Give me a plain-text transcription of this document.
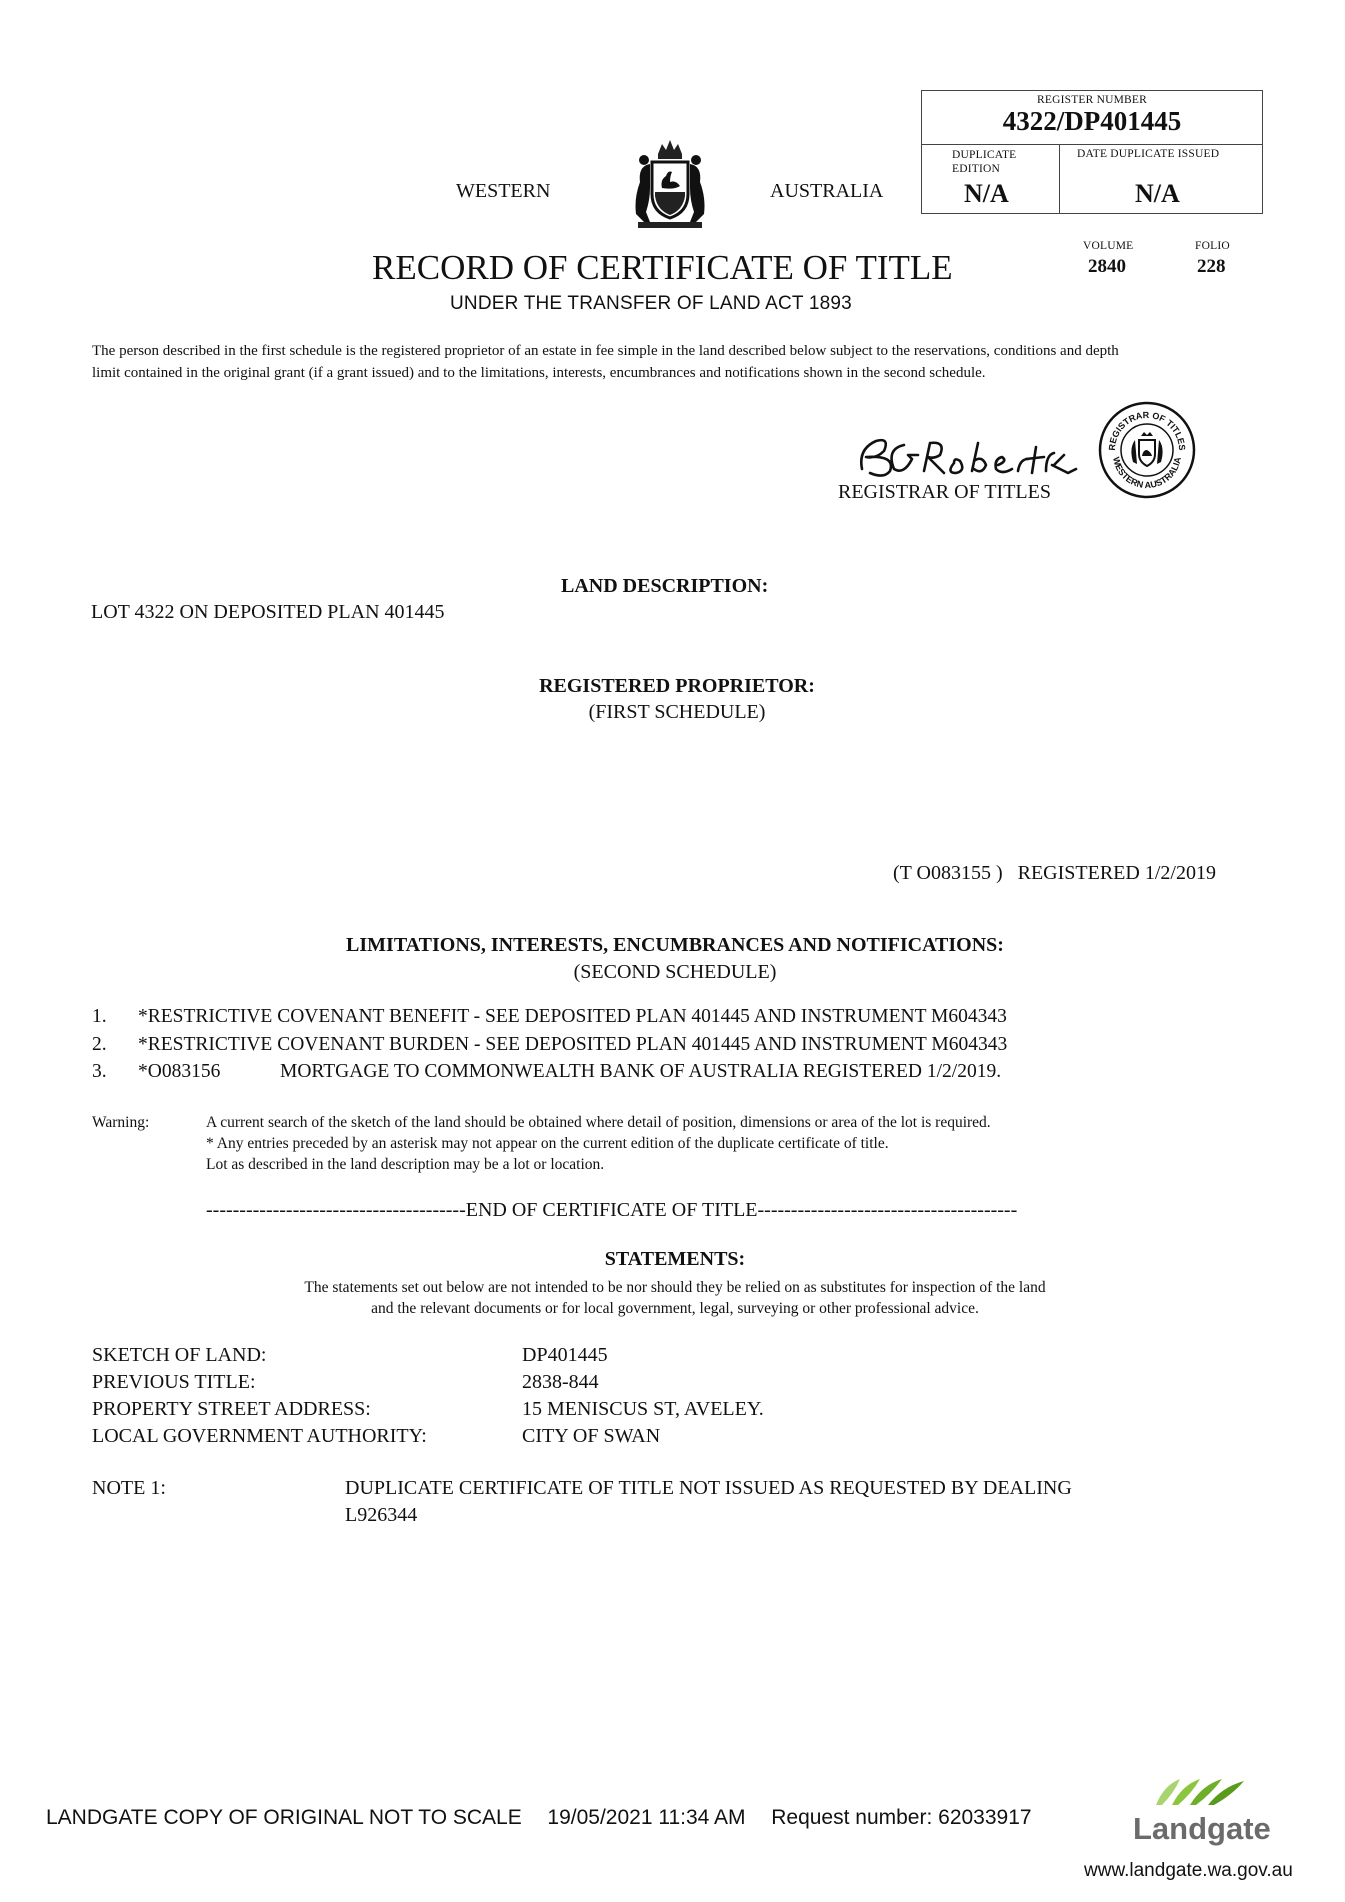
WESTERN	AUSTRALIA
RECORD OF CERTIFICATE OF TITLE
UNDER THE TRANSFER OF LAND ACT 1893
REGISTER NUMBER
4322/DP401445
DUPLICATE
EDITION
N/A
DATE DUPLICATE ISSUED
N/A
VOLUME
2840
FOLIO
228
The person described in the first schedule is the registered proprietor of an estate in fee simple in the land described below subject to the reservations, conditions and depth limit contained in the original grant (if a grant issued) and to the limitations, interests, encumbrances and notifications shown in the second schedule.
REGISTRAR OF TITLES
REGISTRAR OF TITLES
WESTERN AUSTRALIA
LAND DESCRIPTION:
LOT 4322 ON DEPOSITED PLAN 401445
REGISTERED PROPRIETOR:
(FIRST SCHEDULE)
(T O083155 )   REGISTERED 1/2/2019
LIMITATIONS, INTERESTS, ENCUMBRANCES AND NOTIFICATIONS:
(SECOND SCHEDULE)
1. *RESTRICTIVE COVENANT BENEFIT - SEE DEPOSITED PLAN 401445 AND INSTRUMENT M604343
2. *RESTRICTIVE COVENANT BURDEN - SEE DEPOSITED PLAN 401445 AND INSTRUMENT M604343
3. *O083156	MORTGAGE TO COMMONWEALTH BANK OF AUSTRALIA REGISTERED 1/2/2019.
Warning:	A current search of the sketch of the land should be obtained where detail of position, dimensions or area of the lot is required.
* Any entries preceded by an asterisk may not appear on the current edition of the duplicate certificate of title.
Lot as described in the land description may be a lot or location.
---------------------------------------END OF CERTIFICATE OF TITLE---------------------------------------
STATEMENTS:
The statements set out below are not intended to be nor should they be relied on as substitutes for inspection of the land
and the relevant documents or for local government, legal, surveying or other professional advice.
SKETCH OF LAND:	DP401445
PREVIOUS TITLE:	2838-844
PROPERTY STREET ADDRESS:	15 MENISCUS ST, AVELEY.
LOCAL GOVERNMENT AUTHORITY:	CITY OF SWAN
NOTE 1:	DUPLICATE CERTIFICATE OF TITLE NOT ISSUED AS REQUESTED BY DEALING
L926344
LANDGATE COPY OF ORIGINAL NOT TO SCALE 19/05/2021 11:34 AM Request number: 62033917	Landgate
www.landgate.wa.gov.au
